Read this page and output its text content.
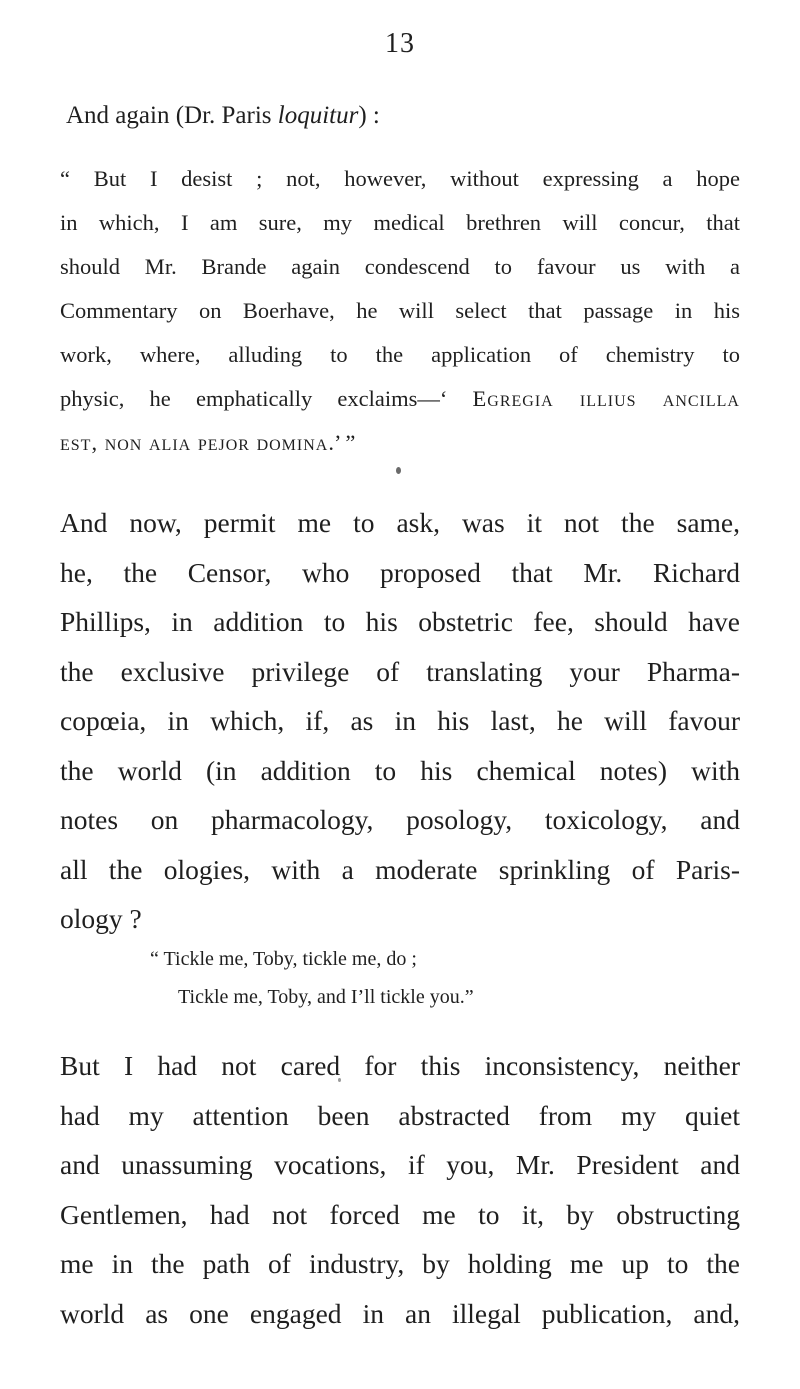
13
And again (Dr. Paris loquitur) :
“ But I desist ; not, however, without expressing a hope
in which, I am sure, my medical brethren will concur, that
should Mr. Brande again condescend to favour us with a
Commentary on Boerhave, he will select that passage in his
work, where, alluding to the application of chemistry to
physic, he emphatically exclaims—‘ Egregia illius ancilla
est, non alia pejor domina.’ ”
And now, permit me to ask, was it not the same,
he, the Censor, who proposed that Mr. Richard
Phillips, in addition to his obstetric fee, should have
the exclusive privilege of translating your Pharma-
copœia, in which, if, as in his last, he will favour
the world (in addition to his chemical notes) with
notes on pharmacology, posology, toxicology, and
all the ologies, with a moderate sprinkling of Paris-
ology ?
“ Tickle me, Toby, tickle me, do ;
Tickle me, Toby, and I’ll tickle you.”
But I had not cared for this inconsistency, neither
had my attention been abstracted from my quiet
and unassuming vocations, if you, Mr. President and
Gentlemen, had not forced me to it, by obstructing
me in the path of industry, by holding me up to the
world as one engaged in an illegal publication, and,
